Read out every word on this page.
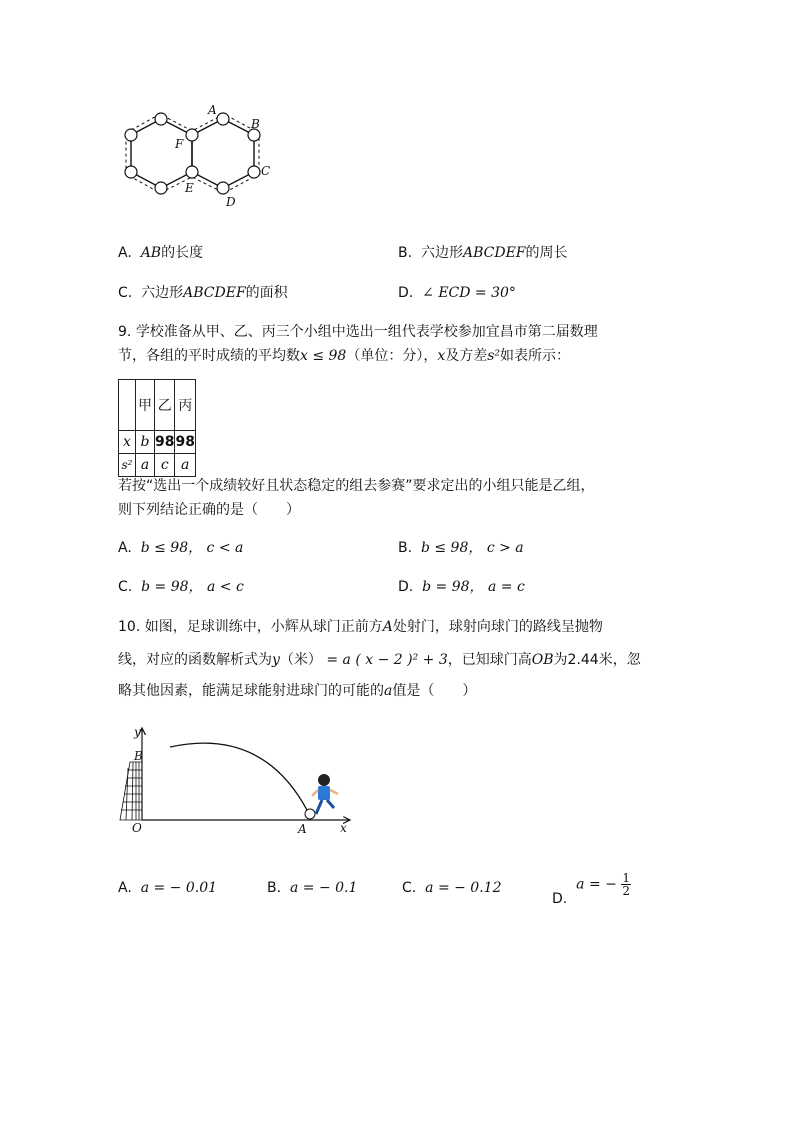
A
B
C
D
E
F
A. AB的长度	B. 六边形ABCDEF的周长
C. 六边形ABCDEF的面积	D. ∠ ECD = 30°
9. 学校准备从甲、乙、丙三个小组中选出一组代表学校参加宜昌市第二届数理
节，各组的平时成绩的平均数x ≤ 98（单位：分），x及方差s²如表所示：
	甲	乙	丙
x	b	98	98
s²	a	c	a
若按“选出一个成绩较好且状态稳定的组去参赛”要求定出的小组只能是乙组，
则下列结论正确的是（　　）
A. b ≤ 98， c < a	B. b ≤ 98， c > a
C. b = 98， a < c	D. b = 98， a = c
10. 如图，足球训练中，小辉从球门正前方A处射门，球射向球门的路线呈抛物
线，对应的函数解析式为y（米） = a ( x − 2 )² + 3，已知球门高OB为2.44米，忽
略其他因素，能满足球能射进球门的可能的a值是（　　）
y
B
O	A	x
A. a = − 0.01	B. a = − 0.1	C. a = − 0.12
D.  a = − $\frac{1}{2}$
